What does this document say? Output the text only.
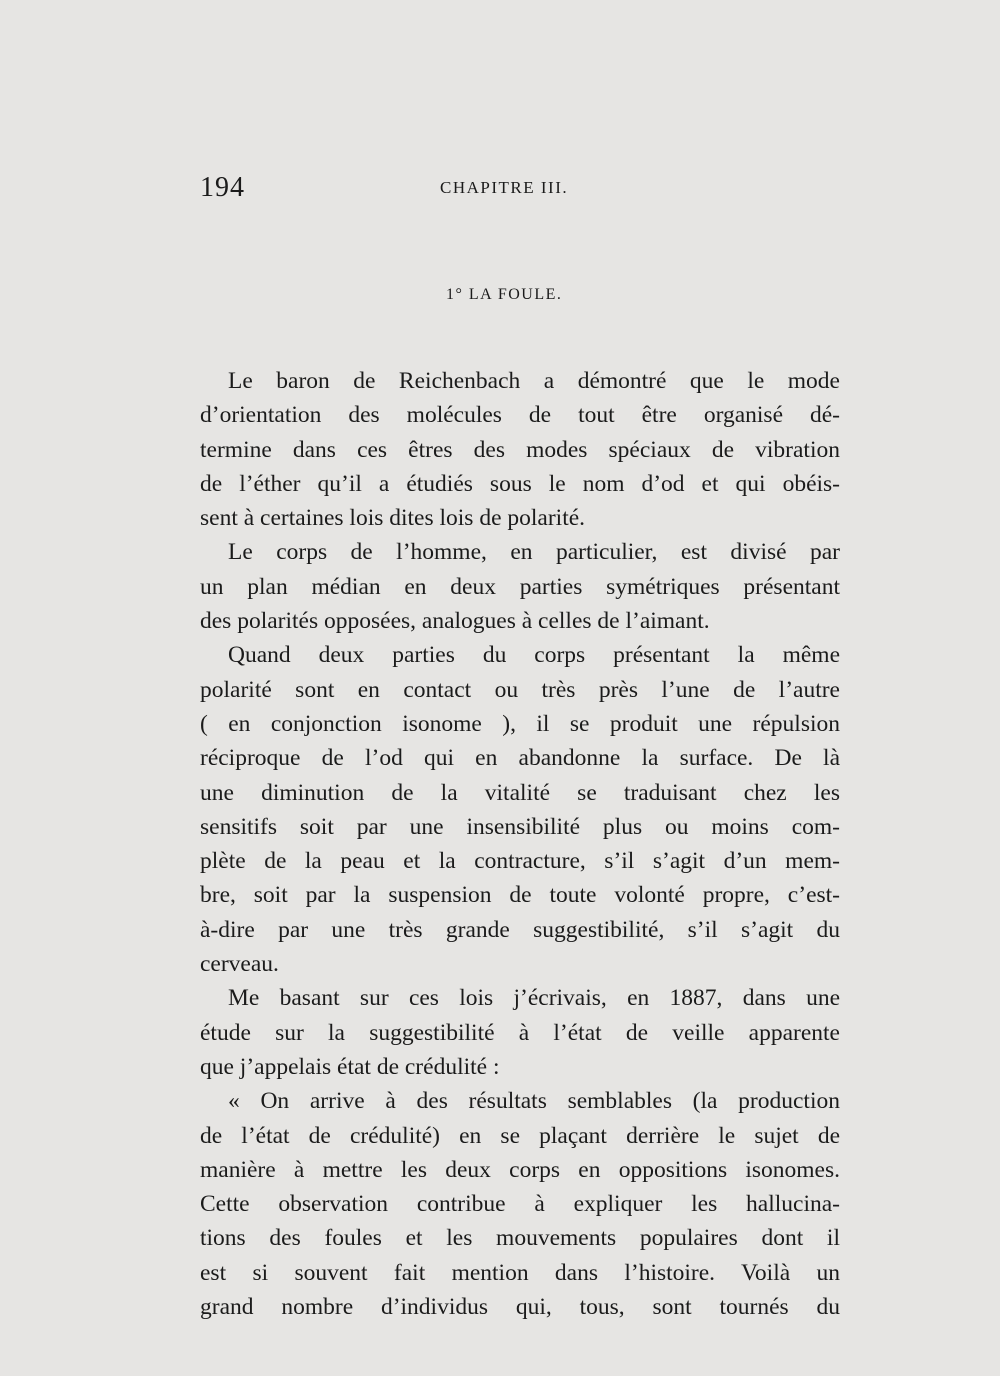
194	CHAPITRE III.
1° LA FOULE.
Le baron de Reichenbach a démontré que le mode
d’orientation des molécules de tout être organisé dé-
termine dans ces êtres des modes spéciaux de vibration
de l’éther qu’il a étudiés sous le nom d’od et qui obéis-
sent à certaines lois dites lois de polarité.
Le corps de l’homme, en particulier, est divisé par
un plan médian en deux parties symétriques présentant
des polarités opposées, analogues à celles de l’aimant.
Quand deux parties du corps présentant la même
polarité sont en contact ou très près l’une de l’autre
( en conjonction isonome ), il se produit une répulsion
réciproque de l’od qui en abandonne la surface. De là
une diminution de la vitalité se traduisant chez les
sensitifs soit par une insensibilité plus ou moins com-
plète de la peau et la contracture, s’il s’agit d’un mem-
bre, soit par la suspension de toute volonté propre, c’est-
à-dire par une très grande suggestibilité, s’il s’agit du
cerveau.
Me basant sur ces lois j’écrivais, en 1887, dans une
étude sur la suggestibilité à l’état de veille apparente
que j’appelais état de crédulité :
« On arrive à des résultats semblables (la production
de l’état de crédulité) en se plaçant derrière le sujet de
manière à mettre les deux corps en oppositions isonomes.
Cette observation contribue à expliquer les hallucina-
tions des foules et les mouvements populaires dont il
est si souvent fait mention dans l’histoire. Voilà un
grand nombre d’individus qui, tous, sont tournés du
